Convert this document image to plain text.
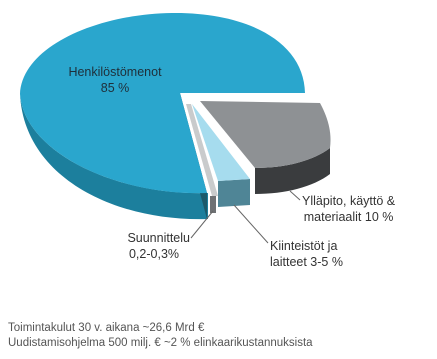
Henkilöstömenot
85 %
Ylläpito, käyttö &
materiaalit 10 %
Kiinteistöt ja
laitteet 3-5 %
Suunnittelu
0,2-0,3%
Toimintakulut 30 v. aikana ~26,6 Mrd €
Uudistamisohjelma 500 milj. € ~2 % elinkaarikustannuksista
